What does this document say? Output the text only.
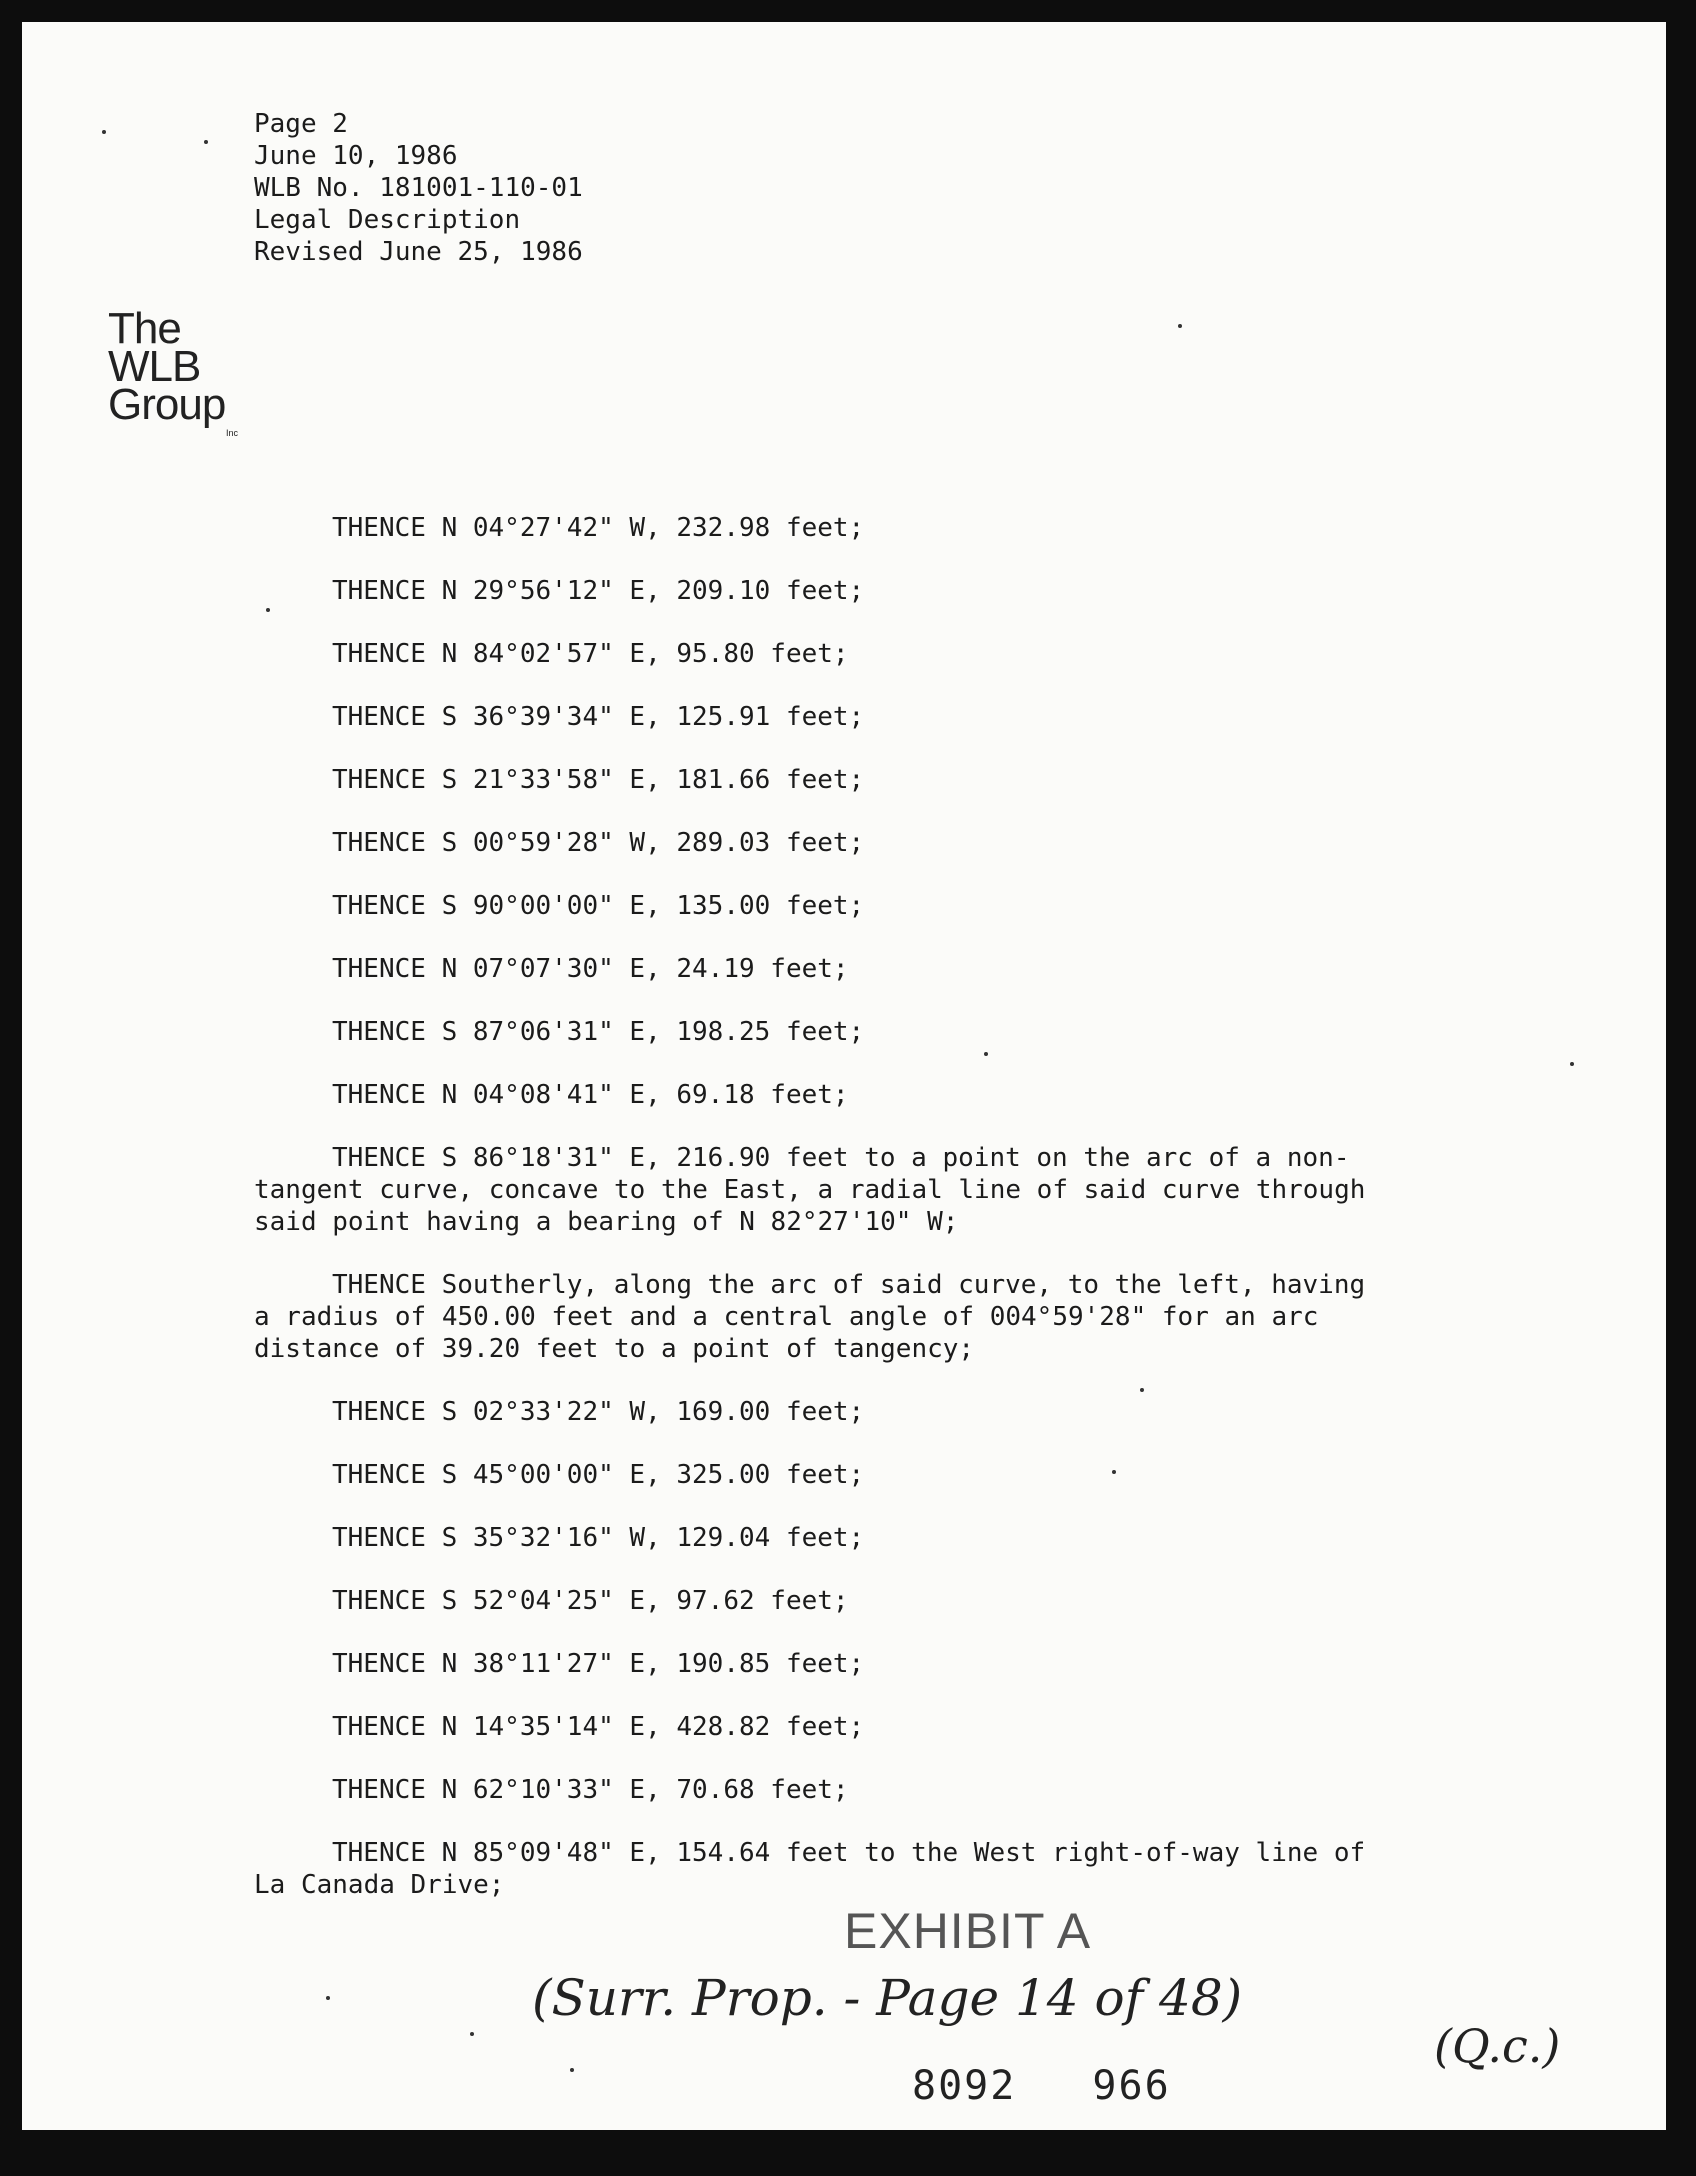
Page 2
June 10, 1986
WLB No. 181001-110-01
Legal Description
Revised June 25, 1986
The
WLB
Group
Inc
THENCE N 04°27'42" W, 232.98 feet;
THENCE N 29°56'12" E, 209.10 feet;
THENCE N 84°02'57" E, 95.80 feet;
THENCE S 36°39'34" E, 125.91 feet;
THENCE S 21°33'58" E, 181.66 feet;
THENCE S 00°59'28" W, 289.03 feet;
THENCE S 90°00'00" E, 135.00 feet;
THENCE N 07°07'30" E, 24.19 feet;
THENCE S 87°06'31" E, 198.25 feet;
THENCE N 04°08'41" E, 69.18 feet;
THENCE S 86°18'31" E, 216.90 feet to a point on the arc of a non-tangent curve, concave to the East, a radial line of said curve through said point having a bearing of N 82°27'10" W;
THENCE Southerly, along the arc of said curve, to the left, having a radius of 450.00 feet and a central angle of 004°59'28" for an arc distance of 39.20 feet to a point of tangency;
THENCE S 02°33'22" W, 169.00 feet;
THENCE S 45°00'00" E, 325.00 feet;
THENCE S 35°32'16" W, 129.04 feet;
THENCE S 52°04'25" E, 97.62 feet;
THENCE N 38°11'27" E, 190.85 feet;
THENCE N 14°35'14" E, 428.82 feet;
THENCE N 62°10'33" E, 70.68 feet;
THENCE N 85°09'48" E, 154.64 feet to the West right-of-way line of La Canada Drive;
EXHIBIT A
(Surr. Prop. - Page 14 of 48)
(Q.c.)
8092 966
